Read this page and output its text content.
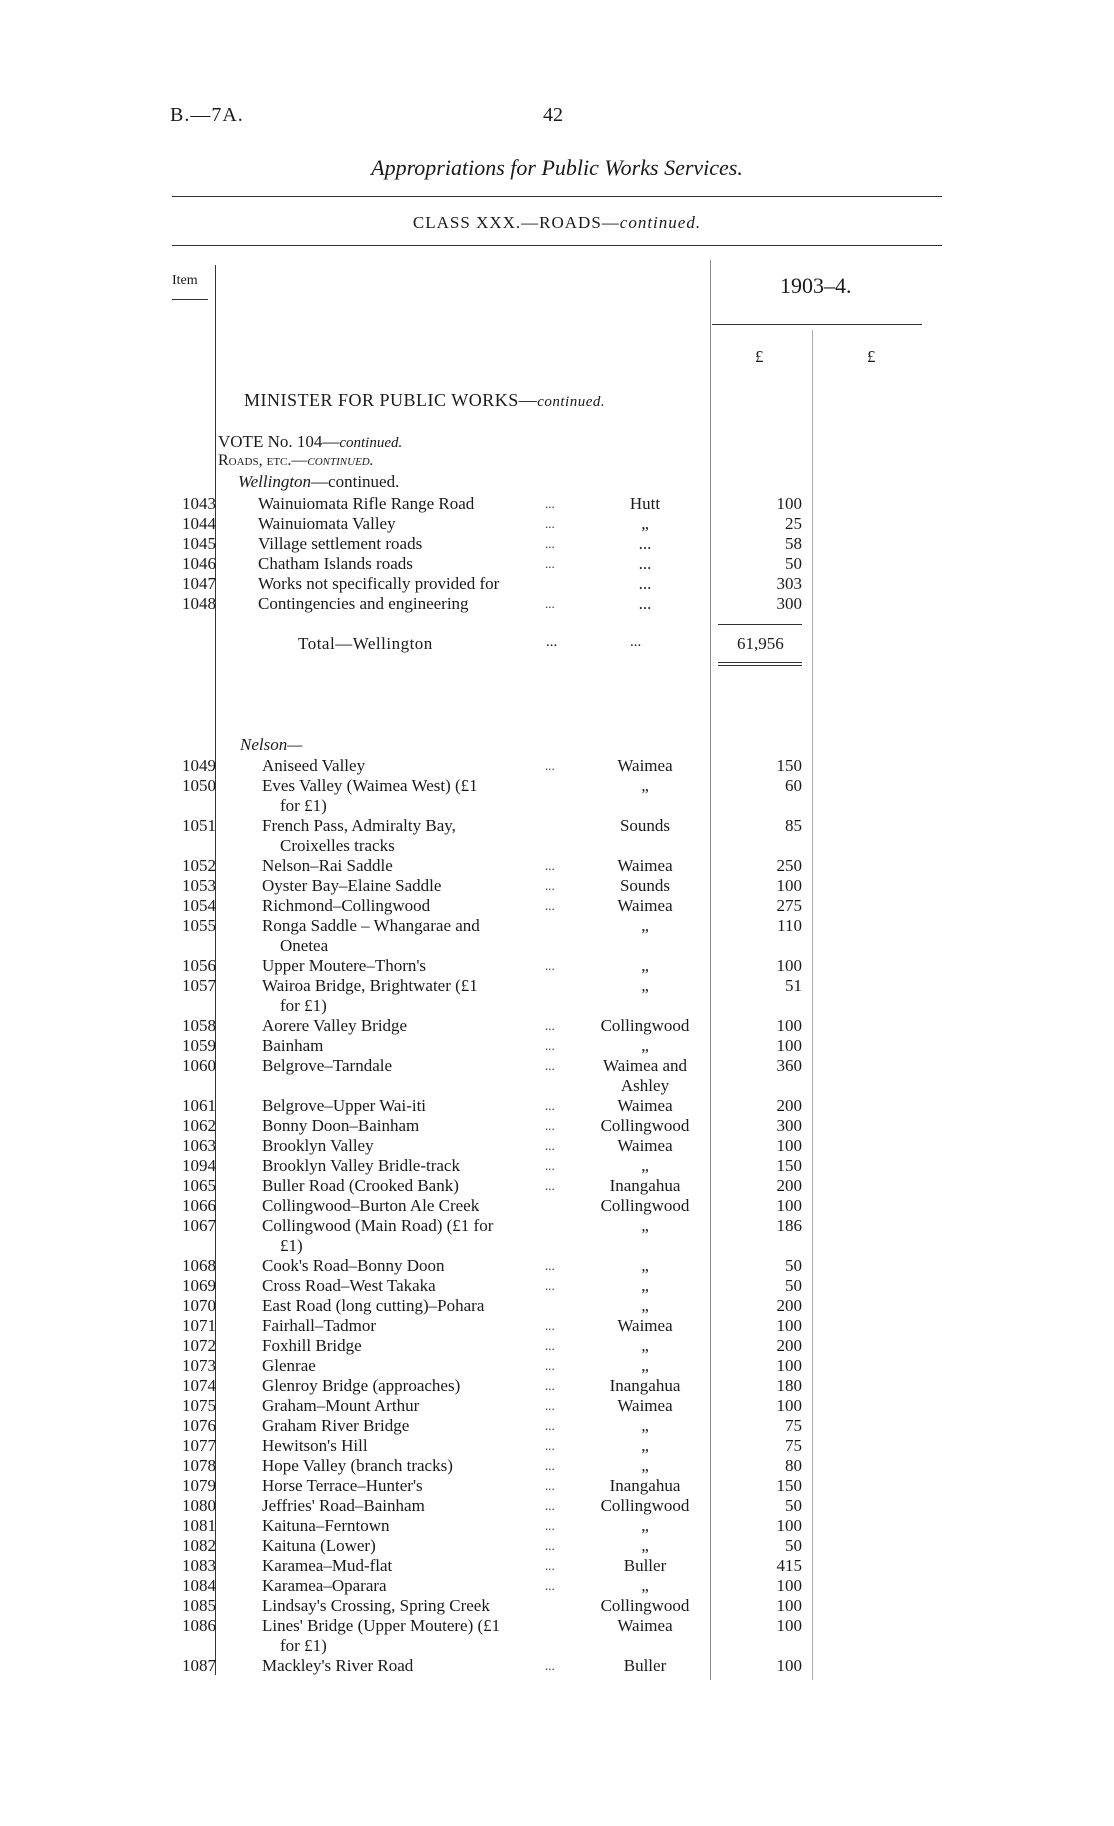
B.—7A.	42
Appropriations for Public Works Services.
CLASS XXX.—ROADS—continued.
Item	1903–4.
£	£
MINISTER FOR PUBLIC WORKS—continued.
VOTE No. 104—continued.
Roads, etc.—continued.
Wellington—continued.
1043 Wainuiomata Rifle Range Road	...	Hutt	100
1044 Wainuiomata Valley	...	„	25
1045 Village settlement roads	...	...	58
1046 Chatham Islands roads	...	...	50
1047 Works not specifically provided for	...	303
1048 Contingencies and engineering	...	...	300
Total—Wellington	...	...	61,956
Nelson—
1049	Aniseed Valley	...	Waimea	150
1050	Eves Valley (Waimea West) (£1	„	60
for £1)
1051	French Pass, Admiralty Bay,	Sounds	85
Croixelles tracks
1052	Nelson–Rai Saddle	...	Waimea	250
1053	Oyster Bay–Elaine Saddle	...	Sounds	100
1054	Richmond–Collingwood	...	Waimea	275
1055	Ronga Saddle – Whangarae and	„	110
Onetea
1056	Upper Moutere–Thorn's	...	„	100
1057	Wairoa Bridge, Brightwater (£1	„	51
for £1)
1058	Aorere Valley Bridge	...	Collingwood	100
1059	Bainham	...	„	100
1060	Belgrove–Tarndale	...	Waimea and	360
Ashley
1061	Belgrove–Upper Wai-iti	...	Waimea	200
1062	Bonny Doon–Bainham	...	Collingwood	300
1063	Brooklyn Valley	...	Waimea	100
1094	Brooklyn Valley Bridle-track	...	„	150
1065	Buller Road (Crooked Bank)	...	Inangahua	200
1066	Collingwood–Burton Ale Creek	Collingwood	100
1067	Collingwood (Main Road) (£1 for	„	186
£1)
1068	Cook's Road–Bonny Doon	...	„	50
1069	Cross Road–West Takaka	...	„	50
1070	East Road (long cutting)–Pohara	„	200
1071	Fairhall–Tadmor	...	Waimea	100
1072	Foxhill Bridge	...	„	200
1073	Glenrae	...	„	100
1074	Glenroy Bridge (approaches)	...	Inangahua	180
1075	Graham–Mount Arthur	...	Waimea	100
1076	Graham River Bridge	...	„	75
1077	Hewitson's Hill	...	„	75
1078	Hope Valley (branch tracks)	...	„	80
1079	Horse Terrace–Hunter's	...	Inangahua	150
1080	Jeffries' Road–Bainham	...	Collingwood	50
1081	Kaituna–Ferntown	...	„	100
1082	Kaituna (Lower)	...	„	50
1083	Karamea–Mud-flat	...	Buller	415
1084	Karamea–Oparara	...	„	100
1085	Lindsay's Crossing, Spring Creek	Collingwood	100
1086	Lines' Bridge (Upper Moutere) (£1	Waimea	100
for £1)
1087	Mackley's River Road	...	Buller	100
